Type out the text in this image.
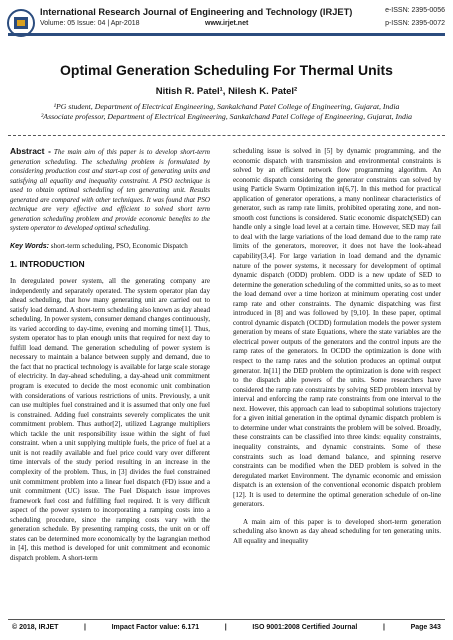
International Research Journal of Engineering and Technology (IRJET)
Volume: 05 Issue: 04 | Apr-2018	www.irjet.net
e-ISSN: 2395-0056
p-ISSN: 2395-0072
Optimal Generation Scheduling For Thermal Units
Nitish R. Patel¹, Nilesh K. Patel²
¹PG student, Department of Electrical Engineering, Sankalchand Patel College of Engineering, Gujarat, India
²Associate professor, Department of Electrical Engineering, Sankalchand Patel College of Engineering, Gujarat, India

Abstract - The main aim of this paper is to develop short-term generation scheduling. The scheduling problem is formulated by considering production cost and start-up cost of generating units and satisfying all equality and inequality constraint. A PSO technique is used to obtain optimal scheduling of ten generating unit. Results generated are compared with other techniques. It was found that PSO technique are very effective and efficient to solved short term generation scheduling problem and provide economic benefits to the system operator to developed optimal scheduling.

Key Words: short-term scheduling, PSO, Economic Dispatch

1. INTRODUCTION

In deregulated power system, all the generating company are independently and separately operated. The system operator plan day ahead scheduling, that how many generating unit are carried out to satisfy load demand. A short-term scheduling also known as day ahead scheduling. In power system, consumer demand changes continuously, its varied according to day-time, evening and morning time[1]. Thus, system operator has to plan enough units that required for next day to fulfill load demand. The generation scheduling of power system is necessary to maintain a balance between supply and demand, due to the fact that no practical technology is available for large scale storage of electricity. In day-ahead scheduling, a day-ahead unit commitment program is executed to decide the most economic unit combination with considerations of various restrictions of units. Previously, a unit can use multiples fuel constrained and it is assumed that only one fuel is constrained. Adding fuel constraints severely complicates the unit commitment problem. Thus author[2], utilized Lagrange multipliers which tackle the unit responsibility issue within the sight of fuel constraint. when a unit supplying multiple fuels, the price of fuel at a unit is not readily available and fuel price could vary over different time intervals of the study period resulting in an increase in the complexity of the problem. Thus, in [3] divides the fuel constrained unit commitment problem into a linear fuel dispatch (FD) issue and a unit commitment (UC) issue. The Fuel Dispatch issue improves framework fuel cost and fulfilling fuel required. It is very difficult aspect of the power system to incorporating a ramping costs into a scheduling procedure, since the ramping costs vary with the generation schedule. By presenting ramping costs, the unit on or off states can be determined more economically by the lagrangian method in [4], this method is developed for unit commitment and economic dispatch problem. A short-term

scheduling issue is solved in [5] by dynamic programming, and the economic dispatch with transmission and environmental constraints is solved by an efficient network flow programming algorithm. An economic dispatch considering the generator constraints can solved by using Particle Swarm Optimization in[6,7]. In this method for practical application of generator operations, a many nonlinear characteristics of generator, such as ramp rate limits, prohibited operating zone, and non-smooth cost functions is considered. Static economic dispatch(SED) can handle only a single load level at a certain time. However, SED may fail to deal with the large variations of the load demand due to the ramp rate limits of the generators, moreover, it does not have the look-ahead capability[3,4]. For large variation in load demand and the dynamic nature of the power systems, it necessary for development of optimal dynamic dispatch (ODD) problem. ODD is a new update of SED to determine the generation scheduling of the committed units, so as to meet the load demand over a time horizon at minimum operating cost under ramp rate and other constraints. The dynamic dispatching was first introduced in [8] and was followed by [9,10]. In these paper, optimal control dynamic dispatch (OCDD) formulation models the power system generation by means of state Equations, where the state variables are the electrical power outputs of the generators and the control inputs are the ramp rates of the generators. In OCDD the optimization is done with respect to the ramp rates and the solution produces an optimal output generator. In[11] the DED problem the optimization is done with respect to the dispatch able powers of the units. Some researchers have considered the ramp rate constraints by solving SED problem interval by interval and enforcing the ramp rate constraints from one interval to the next. However, this approach can lead to suboptimal solutions trajectory for a given initial generation in the optimal dynamic dispatch problem is to determine under what constraints the problem will be solved. Broadly, these constraints can be classified into three kinds: equality constraints, inequality constraints, and dynamic constraints. Some of these constraints such as load demand balance, and spinning reserve constraints can be modified when the DED problem is solved in the deregulated market Environment. The dynamic economic and emission dispatch is an extension of the conventional economic dispatch problem [12]. It is used to determine the optimal generation schedule of on-line generators.

A main aim of this paper is to developed short-term generation scheduling also known as day ahead scheduling for ten generating units. All equality and inequality

© 2018, IRJET	|	Impact Factor value: 6.171	|	ISO 9001:2008 Certified Journal	|	Page 343
